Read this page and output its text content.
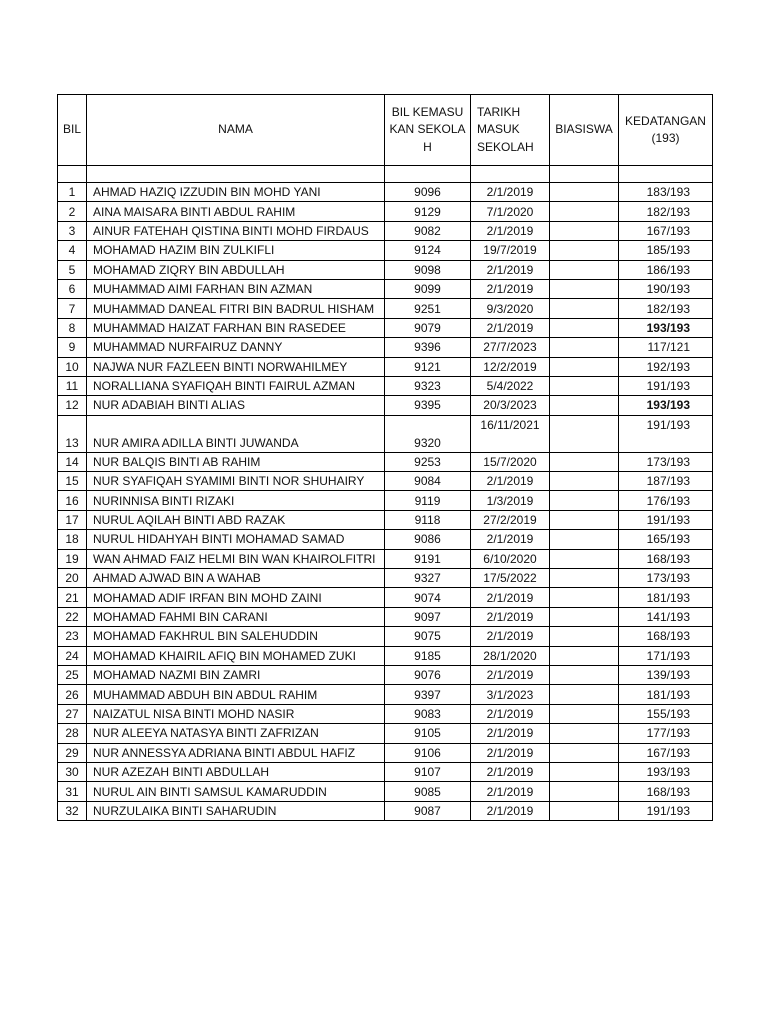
BIL	NAMA	BIL KEMASUKAN SEKOLAH	TARIKH MASUK SEKOLAH	BIASISWA	KEDATANGAN (193)

1	AHMAD HAZIQ IZZUDIN BIN MOHD YANI	9096	2/1/2019		183/193
2	AINA MAISARA BINTI ABDUL RAHIM	9129	7/1/2020		182/193
3	AINUR FATEHAH QISTINA BINTI MOHD FIRDAUS	9082	2/1/2019		167/193
4	MOHAMAD HAZIM BIN ZULKIFLI	9124	19/7/2019		185/193
5	MOHAMAD ZIQRY BIN ABDULLAH	9098	2/1/2019		186/193
6	MUHAMMAD AIMI FARHAN BIN AZMAN	9099	2/1/2019		190/193
7	MUHAMMAD DANEAL FITRI BIN BADRUL HISHAM	9251	9/3/2020		182/193
8	MUHAMMAD HAIZAT FARHAN BIN RASEDEE	9079	2/1/2019		193/193
9	MUHAMMAD NURFAIRUZ DANNY	9396	27/7/2023		117/121
10	NAJWA NUR FAZLEEN BINTI NORWAHILMEY	9121	12/2/2019		192/193
11	NORALLIANA SYAFIQAH BINTI FAIRUL AZMAN	9323	5/4/2022		191/193
12	NUR ADABIAH BINTI ALIAS	9395	20/3/2023		193/193
13	NUR AMIRA ADILLA BINTI JUWANDA	9320	16/11/2021		191/193
14	NUR BALQIS BINTI AB RAHIM	9253	15/7/2020		173/193
15	NUR SYAFIQAH SYAMIMI BINTI NOR SHUHAIRY	9084	2/1/2019		187/193
16	NURINNISA BINTI RIZAKI	9119	1/3/2019		176/193
17	NURUL AQILAH BINTI ABD RAZAK	9118	27/2/2019		191/193
18	NURUL HIDAHYAH BINTI MOHAMAD SAMAD	9086	2/1/2019		165/193
19	WAN AHMAD FAIZ HELMI BIN WAN KHAIROLFITRI	9191	6/10/2020		168/193
20	AHMAD AJWAD BIN A WAHAB	9327	17/5/2022		173/193
21	MOHAMAD ADIF IRFAN BIN MOHD ZAINI	9074	2/1/2019		181/193
22	MOHAMAD FAHMI BIN CARANI	9097	2/1/2019		141/193
23	MOHAMAD FAKHRUL BIN SALEHUDDIN	9075	2/1/2019		168/193
24	MOHAMAD KHAIRIL AFIQ BIN MOHAMED ZUKI	9185	28/1/2020		171/193
25	MOHAMAD NAZMI BIN ZAMRI	9076	2/1/2019		139/193
26	MUHAMMAD ABDUH BIN ABDUL RAHIM	9397	3/1/2023		181/193
27	NAIZATUL NISA BINTI MOHD NASIR	9083	2/1/2019		155/193
28	NUR ALEEYA NATASYA BINTI ZAFRIZAN	9105	2/1/2019		177/193
29	NUR ANNESSYA ADRIANA BINTI ABDUL HAFIZ	9106	2/1/2019		167/193
30	NUR AZEZAH BINTI ABDULLAH	9107	2/1/2019		193/193
31	NURUL AIN BINTI SAMSUL KAMARUDDIN	9085	2/1/2019		168/193
32	NURZULAIKA BINTI SAHARUDIN	9087	2/1/2019		191/193
